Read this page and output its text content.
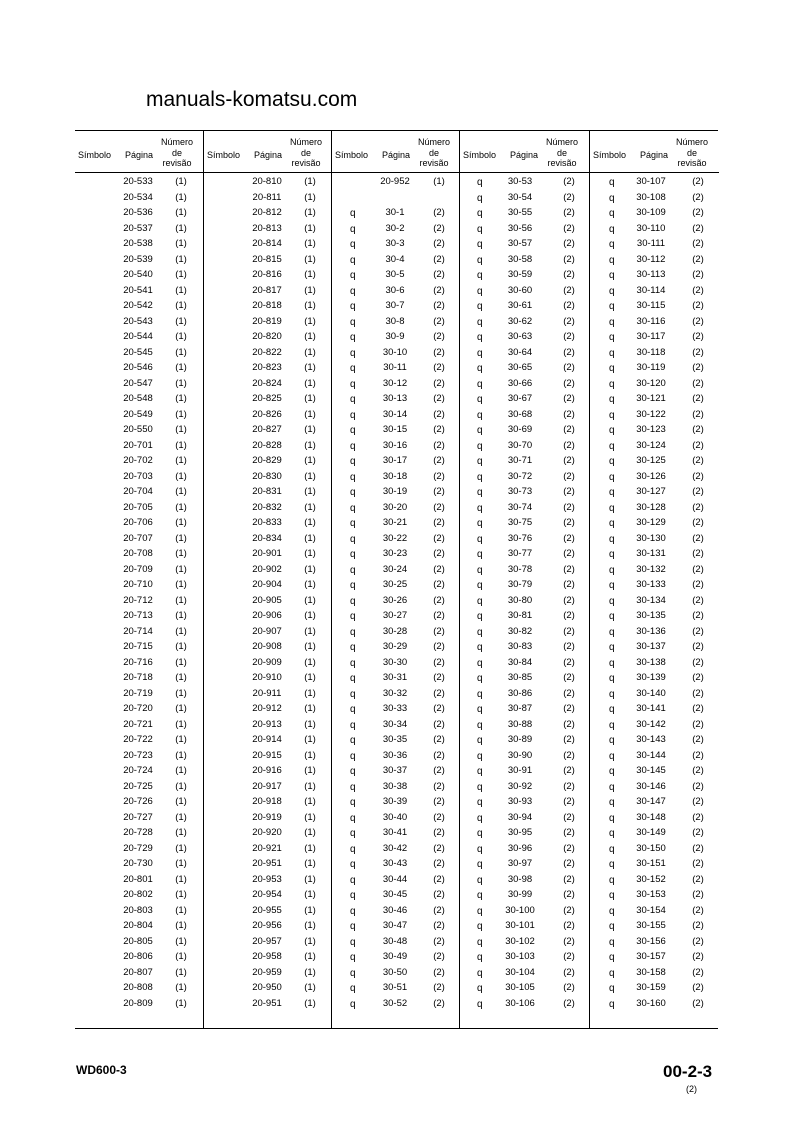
manuals-komatsu.com
Símbolo	Página
Número
de
revisão
20-533	(1)
20-534	(1)
20-536	(1)
20-537	(1)
20-538	(1)
20-539	(1)
20-540	(1)
20-541	(1)
20-542	(1)
20-543	(1)
20-544	(1)
20-545	(1)
20-546	(1)
20-547	(1)
20-548	(1)
20-549	(1)
20-550	(1)
20-701	(1)
20-702	(1)
20-703	(1)
20-704	(1)
20-705	(1)
20-706	(1)
20-707	(1)
20-708	(1)
20-709	(1)
20-710	(1)
20-712	(1)
20-713	(1)
20-714	(1)
20-715	(1)
20-716	(1)
20-718	(1)
20-719	(1)
20-720	(1)
20-721	(1)
20-722	(1)
20-723	(1)
20-724	(1)
20-725	(1)
20-726	(1)
20-727	(1)
20-728	(1)
20-729	(1)
20-730	(1)
20-801	(1)
20-802	(1)
20-803	(1)
20-804	(1)
20-805	(1)
20-806	(1)
20-807	(1)
20-808	(1)
20-809	(1)
Símbolo	Página
Número
de
revisão
20-810	(1)
20-811	(1)
20-812	(1)
20-813	(1)
20-814	(1)
20-815	(1)
20-816	(1)
20-817	(1)
20-818	(1)
20-819	(1)
20-820	(1)
20-822	(1)
20-823	(1)
20-824	(1)
20-825	(1)
20-826	(1)
20-827	(1)
20-828	(1)
20-829	(1)
20-830	(1)
20-831	(1)
20-832	(1)
20-833	(1)
20-834	(1)
20-901	(1)
20-902	(1)
20-904	(1)
20-905	(1)
20-906	(1)
20-907	(1)
20-908	(1)
20-909	(1)
20-910	(1)
20-911	(1)
20-912	(1)
20-913	(1)
20-914	(1)
20-915	(1)
20-916	(1)
20-917	(1)
20-918	(1)
20-919	(1)
20-920	(1)
20-921	(1)
20-951	(1)
20-953	(1)
20-954	(1)
20-955	(1)
20-956	(1)
20-957	(1)
20-958	(1)
20-959	(1)
20-950	(1)
20-951	(1)
Símbolo	Página
Número
de
revisão
20-952	(1)
q	30-1	(2)
q	30-2	(2)
q	30-3	(2)
q	30-4	(2)
q	30-5	(2)
q	30-6	(2)
q	30-7	(2)
q	30-8	(2)
q	30-9	(2)
q	30-10	(2)
q	30-11	(2)
q	30-12	(2)
q	30-13	(2)
q	30-14	(2)
q	30-15	(2)
q	30-16	(2)
q	30-17	(2)
q	30-18	(2)
q	30-19	(2)
q	30-20	(2)
q	30-21	(2)
q	30-22	(2)
q	30-23	(2)
q	30-24	(2)
q	30-25	(2)
q	30-26	(2)
q	30-27	(2)
q	30-28	(2)
q	30-29	(2)
q	30-30	(2)
q	30-31	(2)
q	30-32	(2)
q	30-33	(2)
q	30-34	(2)
q	30-35	(2)
q	30-36	(2)
q	30-37	(2)
q	30-38	(2)
q	30-39	(2)
q	30-40	(2)
q	30-41	(2)
q	30-42	(2)
q	30-43	(2)
q	30-44	(2)
q	30-45	(2)
q	30-46	(2)
q	30-47	(2)
q	30-48	(2)
q	30-49	(2)
q	30-50	(2)
q	30-51	(2)
q	30-52	(2)
Símbolo	Página
Número
de
revisão
q	30-53	(2)
q	30-54	(2)
q	30-55	(2)
q	30-56	(2)
q	30-57	(2)
q	30-58	(2)
q	30-59	(2)
q	30-60	(2)
q	30-61	(2)
q	30-62	(2)
q	30-63	(2)
q	30-64	(2)
q	30-65	(2)
q	30-66	(2)
q	30-67	(2)
q	30-68	(2)
q	30-69	(2)
q	30-70	(2)
q	30-71	(2)
q	30-72	(2)
q	30-73	(2)
q	30-74	(2)
q	30-75	(2)
q	30-76	(2)
q	30-77	(2)
q	30-78	(2)
q	30-79	(2)
q	30-80	(2)
q	30-81	(2)
q	30-82	(2)
q	30-83	(2)
q	30-84	(2)
q	30-85	(2)
q	30-86	(2)
q	30-87	(2)
q	30-88	(2)
q	30-89	(2)
q	30-90	(2)
q	30-91	(2)
q	30-92	(2)
q	30-93	(2)
q	30-94	(2)
q	30-95	(2)
q	30-96	(2)
q	30-97	(2)
q	30-98	(2)
q	30-99	(2)
q	30-100	(2)
q	30-101	(2)
q	30-102	(2)
q	30-103	(2)
q	30-104	(2)
q	30-105	(2)
q	30-106	(2)
Símbolo	Página
Número
de
revisão
q	30-107	(2)
q	30-108	(2)
q	30-109	(2)
q	30-110	(2)
q	30-111	(2)
q	30-112	(2)
q	30-113	(2)
q	30-114	(2)
q	30-115	(2)
q	30-116	(2)
q	30-117	(2)
q	30-118	(2)
q	30-119	(2)
q	30-120	(2)
q	30-121	(2)
q	30-122	(2)
q	30-123	(2)
q	30-124	(2)
q	30-125	(2)
q	30-126	(2)
q	30-127	(2)
q	30-128	(2)
q	30-129	(2)
q	30-130	(2)
q	30-131	(2)
q	30-132	(2)
q	30-133	(2)
q	30-134	(2)
q	30-135	(2)
q	30-136	(2)
q	30-137	(2)
q	30-138	(2)
q	30-139	(2)
q	30-140	(2)
q	30-141	(2)
q	30-142	(2)
q	30-143	(2)
q	30-144	(2)
q	30-145	(2)
q	30-146	(2)
q	30-147	(2)
q	30-148	(2)
q	30-149	(2)
q	30-150	(2)
q	30-151	(2)
q	30-152	(2)
q	30-153	(2)
q	30-154	(2)
q	30-155	(2)
q	30-156	(2)
q	30-157	(2)
q	30-158	(2)
q	30-159	(2)
q	30-160	(2)
WD600-3	00-2-3
(2)
